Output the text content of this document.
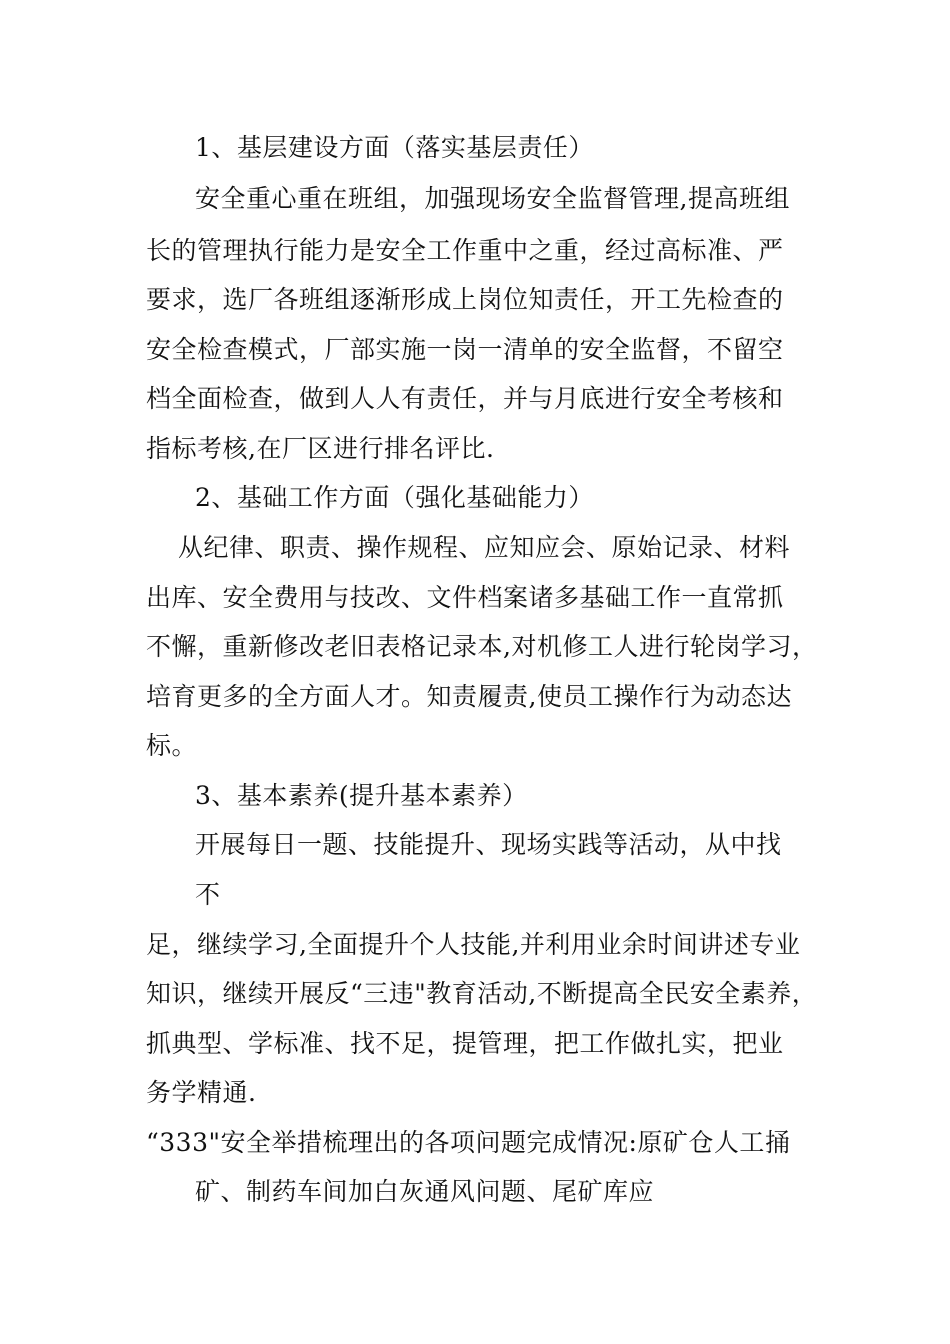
1、基层建设方面（落实基层责任）
安全重心重在班组，加强现场安全监督管理,提高班组
长的管理执行能力是安全工作重中之重，经过高标准、严
要求，选厂各班组逐渐形成上岗位知责任，开工先检查的
安全检查模式，厂部实施一岗一清单的安全监督，不留空
档全面检查，做到人人有责任，并与月底进行安全考核和
指标考核,在厂区进行排名评比.
2、基础工作方面（强化基础能力）
从纪律、职责、操作规程、应知应会、原始记录、材料
出库、安全费用与技改、文件档案诸多基础工作一直常抓
不懈，重新修改老旧表格记录本,对机修工人进行轮岗学习，
培育更多的全方面人才。知责履责,使员工操作行为动态达
标。
3、基本素养(提升基本素养）
开展每日一题、技能提升、现场实践等活动，从中找
不
足，继续学习,全面提升个人技能,并利用业余时间讲述专业
知识，继续开展反“三违"教育活动,不断提高全民安全素养，
抓典型、学标准、找不足，提管理，把工作做扎实，把业
务学精通.
“333"安全举措梳理出的各项问题完成情况:原矿仓人工捅
矿、制药车间加白灰通风问题、尾矿库应
